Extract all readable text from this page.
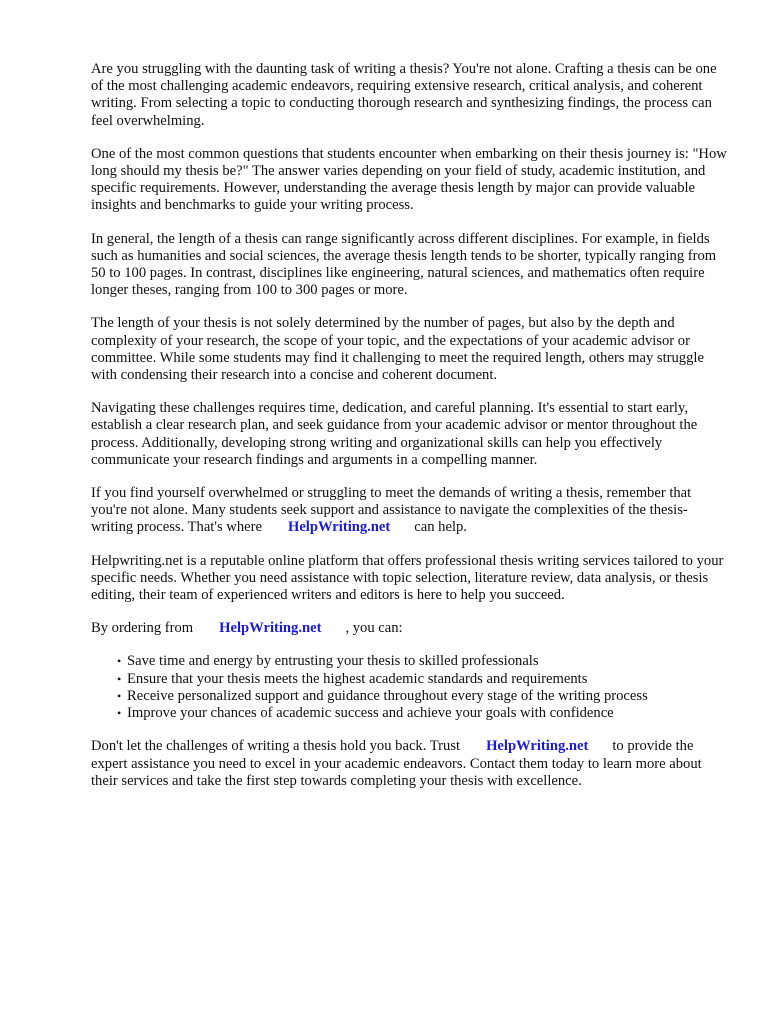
Are you struggling with the daunting task of writing a thesis? You're not alone. Crafting a thesis can be one of the most challenging academic endeavors, requiring extensive research, critical analysis, and coherent writing. From selecting a topic to conducting thorough research and synthesizing findings, the process can feel overwhelming.

One of the most common questions that students encounter when embarking on their thesis journey is: "How long should my thesis be?" The answer varies depending on your field of study, academic institution, and specific requirements. However, understanding the average thesis length by major can provide valuable insights and benchmarks to guide your writing process.

In general, the length of a thesis can range significantly across different disciplines. For example, in fields such as humanities and social sciences, the average thesis length tends to be shorter, typically ranging from 50 to 100 pages. In contrast, disciplines like engineering, natural sciences, and mathematics often require longer theses, ranging from 100 to 300 pages or more.

The length of your thesis is not solely determined by the number of pages, but also by the depth and complexity of your research, the scope of your topic, and the expectations of your academic advisor or committee. While some students may find it challenging to meet the required length, others may struggle with condensing their research into a concise and coherent document.

Navigating these challenges requires time, dedication, and careful planning. It's essential to start early, establish a clear research plan, and seek guidance from your academic advisor or mentor throughout the process. Additionally, developing strong writing and organizational skills can help you effectively communicate your research findings and arguments in a compelling manner.

If you find yourself overwhelmed or struggling to meet the demands of writing a thesis, remember that you're not alone. Many students seek support and assistance to navigate the complexities of the thesis-writing process. That's where HelpWriting.net can help.

Helpwriting.net is a reputable online platform that offers professional thesis writing services tailored to your specific needs. Whether you need assistance with topic selection, literature review, data analysis, or thesis editing, their team of experienced writers and editors is here to help you succeed.

By ordering from HelpWriting.net , you can:

• Save time and energy by entrusting your thesis to skilled professionals
• Ensure that your thesis meets the highest academic standards and requirements
• Receive personalized support and guidance throughout every stage of the writing process
• Improve your chances of academic success and achieve your goals with confidence

Don't let the challenges of writing a thesis hold you back. Trust HelpWriting.net to provide the expert assistance you need to excel in your academic endeavors. Contact them today to learn more about their services and take the first step towards completing your thesis with excellence.
